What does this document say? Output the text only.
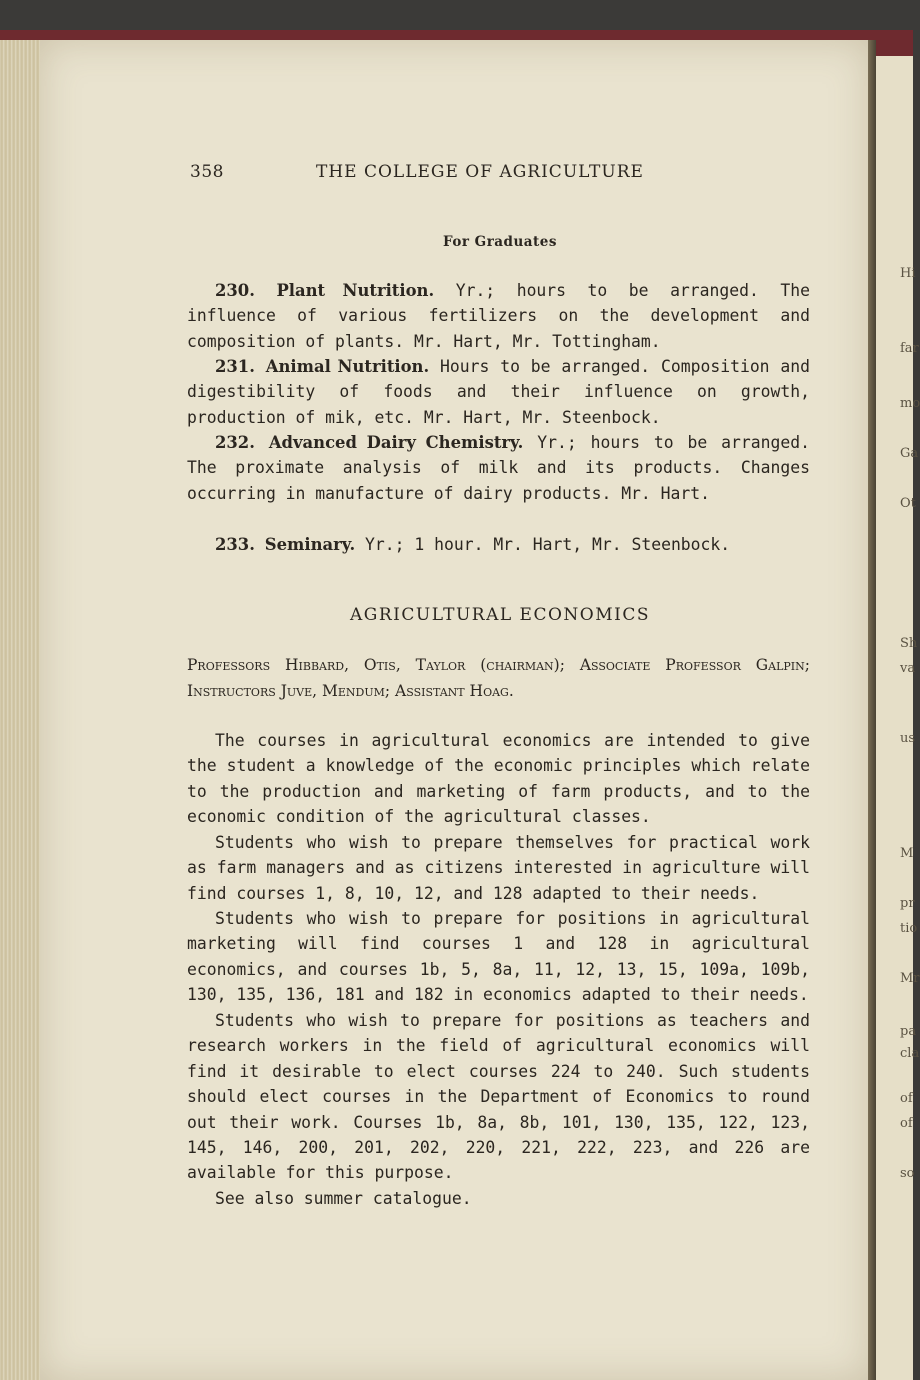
Hi
far
mo
Ga
Ot
Sh
va
us
M
pr
tio
Mr
pa
cla
of
of
so
358	THE COLLEGE OF AGRICULTURE
For Graduates
230. Plant Nutrition. Yr.; hours to be arranged. The influence of various fertilizers on the development and composition of plants. Mr. Hart, Mr. Tottingham.
231. Animal Nutrition. Hours to be arranged. Composition and digestibility of foods and their influence on growth, production of mik, etc. Mr. Hart, Mr. Steenbock.
232. Advanced Dairy Chemistry. Yr.; hours to be arranged. The proximate analysis of milk and its products. Changes occurring in manufacture of dairy products. Mr. Hart.
233. Seminary. Yr.; 1 hour. Mr. Hart, Mr. Steenbock.
AGRICULTURAL ECONOMICS
Professors Hibbard, Otis, Taylor (chairman); Associate Professor Galpin; Instructors Juve, Mendum; Assistant Hoag.
The courses in agricultural economics are intended to give the student a knowledge of the economic principles which relate to the production and marketing of farm products, and to the economic condition of the agricultural classes.
Students who wish to prepare themselves for practical work as farm managers and as citizens interested in agriculture will find courses 1, 8, 10, 12, and 128 adapted to their needs.
Students who wish to prepare for positions in agricultural marketing will find courses 1 and 128 in agricultural economics, and courses 1b, 5, 8a, 11, 12, 13, 15, 109a, 109b, 130, 135, 136, 181 and 182 in economics adapted to their needs.
Students who wish to prepare for positions as teachers and research workers in the field of agricultural economics will find it desirable to elect courses 224 to 240. Such students should elect courses in the Department of Economics to round out their work. Courses 1b, 8a, 8b, 101, 130, 135, 122, 123, 145, 146, 200, 201, 202, 220, 221, 222, 223, and 226 are available for this purpose.
See also summer catalogue.
